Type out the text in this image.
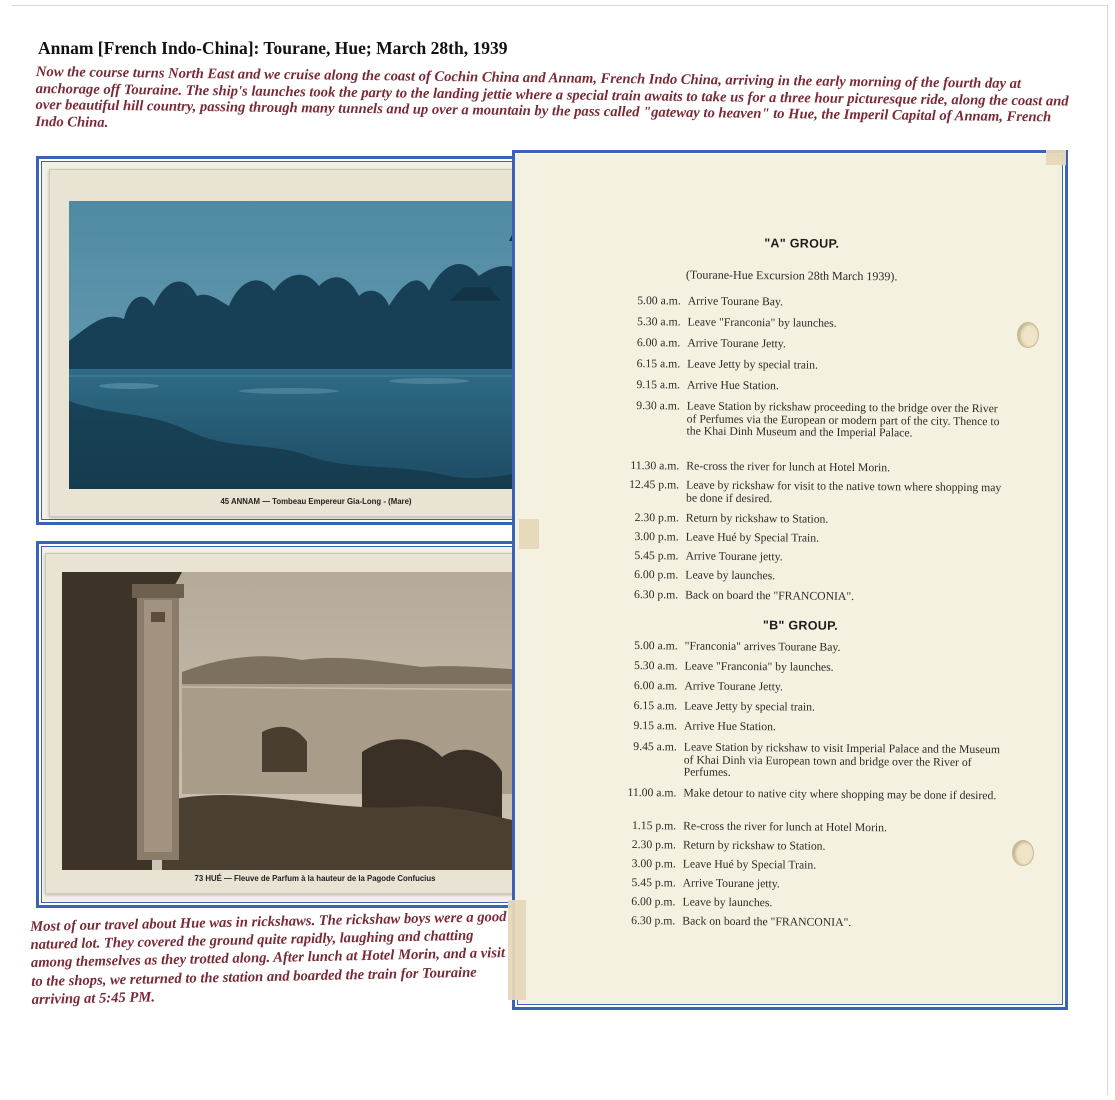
Annam [French Indo-China]: Tourane, Hue; March 28th, 1939
Now the course turns North East and we cruise along the coast of Cochin China and Annam, French Indo China, arriving in the early morning of the fourth day at anchorage off Touraine. The ship's launches took the party to the landing jettie where a special train awaits to take us for a three hour picturesque ride, along the coast and over beautiful hill country, passing through many tunnels and up over a mountain by the pass called "gateway to heaven" to Hue, the Imperil Capital of Annam, French Indo China.
45 ANNAM — Tombeau Empereur Gia-Long - (Mare)
73 HUÉ — Fleuve de Parfum à la hauteur de la Pagode Confucius
"A" GROUP.
(Tourane-Hue Excursion 28th March 1939).
5.00 a.m. Arrive Tourane Bay.
5.30 a.m. Leave "Franconia" by launches.
6.00 a.m. Arrive Tourane Jetty.
6.15 a.m. Leave Jetty by special train.
9.15 a.m. Arrive Hue Station.
9.30 a.m. Leave Station by rickshaw proceeding to the bridge over the River of Perfumes via the European or modern part of the city. Thence to the Khai Dinh Museum and the Imperial Palace.
11.30 a.m. Re-cross the river for lunch at Hotel Morin.
12.45 p.m. Leave by rickshaw for visit to the native town where shopping may be done if desired.
2.30 p.m. Return by rickshaw to Station.
3.00 p.m. Leave Hué by Special Train.
5.45 p.m. Arrive Tourane jetty.
6.00 p.m. Leave by launches.
6.30 p.m. Back on board the "FRANCONIA".
"B" GROUP.
5.00 a.m. "Franconia" arrives Tourane Bay.
5.30 a.m. Leave "Franconia" by launches.
6.00 a.m. Arrive Tourane Jetty.
6.15 a.m. Leave Jetty by special train.
9.15 a.m. Arrive Hue Station.
9.45 a.m. Leave Station by rickshaw to visit Imperial Palace and the Museum of Khai Dinh via European town and bridge over the River of Perfumes.
11.00 a.m. Make detour to native city where shopping may be done if desired.
1.15 p.m. Re-cross the river for lunch at Hotel Morin.
2.30 p.m. Return by rickshaw to Station.
3.00 p.m. Leave Hué by Special Train.
5.45 p.m. Arrive Tourane jetty.
6.00 p.m. Leave by launches.
6.30 p.m. Back on board the "FRANCONIA".
Most of our travel about Hue was in rickshaws. The rickshaw boys were a good natured lot. They covered the ground quite rapidly, laughing and chatting among themselves as they trotted along. After lunch at Hotel Morin, and a visit to the shops, we returned to the station and boarded the train for Touraine arriving at 5:45 PM.
